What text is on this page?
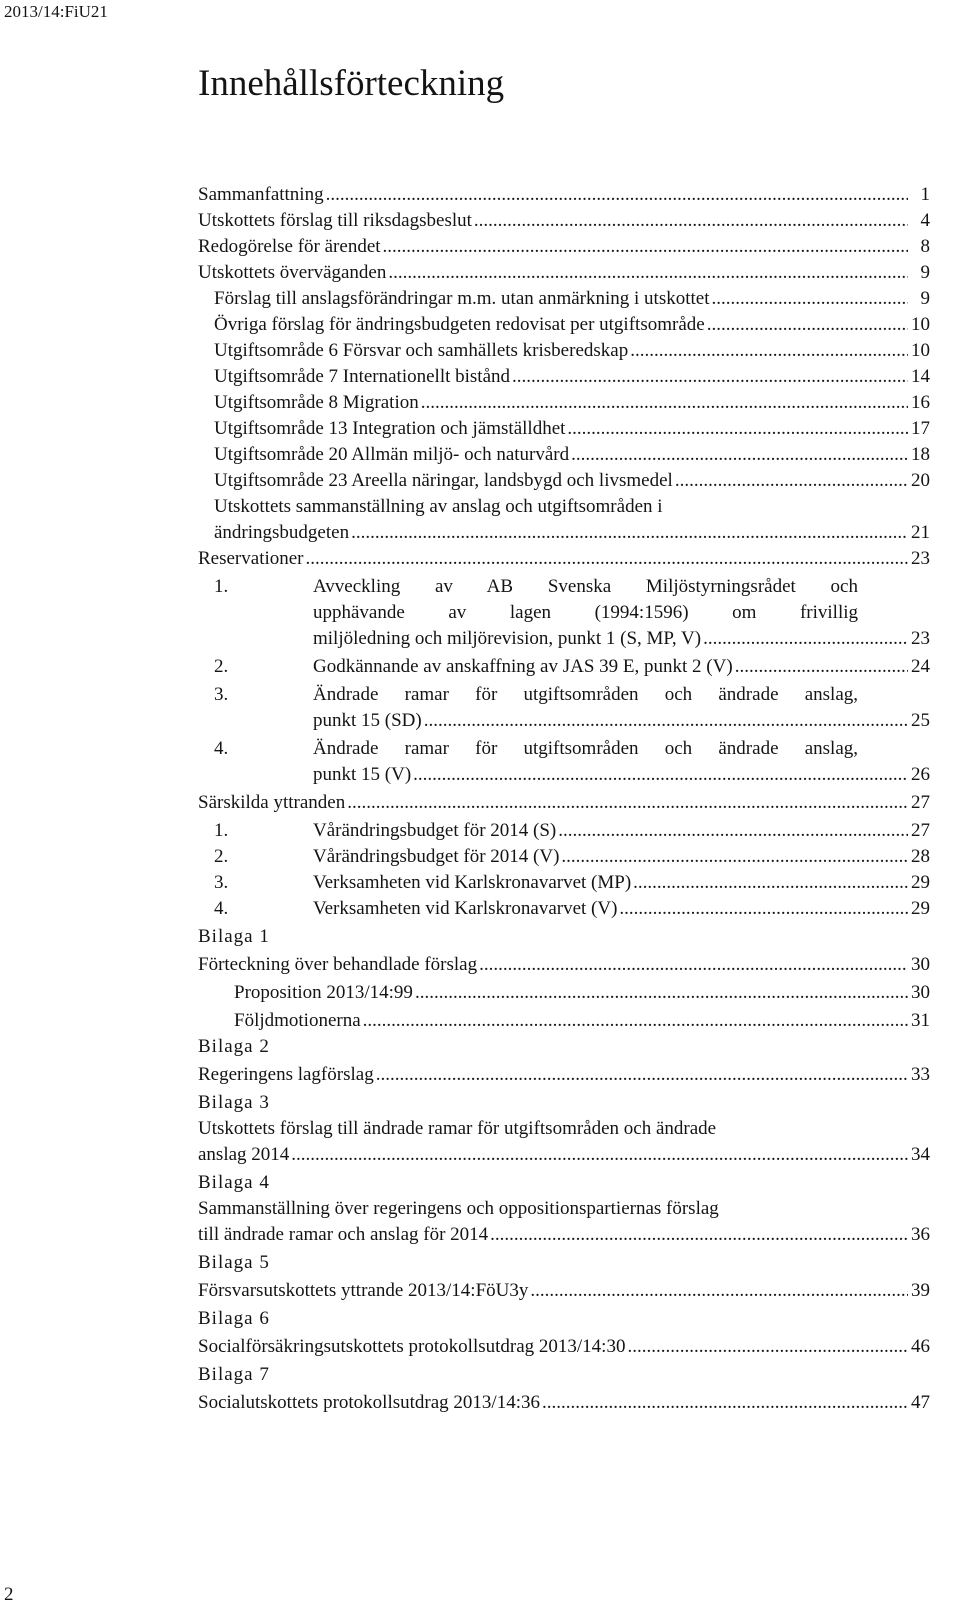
2013/14:FiU21
Innehållsförteckning
Sammanfattning .....	1
Utskottets förslag till riksdagsbeslut .....	4
Redogörelse för ärendet .....	8
Utskottets överväganden .....	9
Förslag till anslagsförändringar m.m. utan anmärkning i utskottet .....	9
Övriga förslag för ändringsbudgeten redovisat per utgiftsområde .....	10
Utgiftsområde 6 Försvar och samhällets krisberedskap .....	10
Utgiftsområde 7 Internationellt bistånd .....	14
Utgiftsområde 8 Migration .....	16
Utgiftsområde 13 Integration och jämställdhet .....	17
Utgiftsområde 20 Allmän miljö- och naturvård .....	18
Utgiftsområde 23 Areella näringar, landsbygd och livsmedel .....	20
Utskottets sammanställning av anslag och utgiftsområden i
ändringsbudgeten .....	21
Reservationer .....	23
1.	Avveckling av AB Svenska Miljöstyrningsrådet och
upphävande av lagen (1994:1596) om frivillig
miljöledning och miljörevision, punkt 1 (S, MP, V) .....	23
2.	Godkännande av anskaffning av JAS 39 E, punkt 2 (V) .....	24
3.	Ändrade ramar för utgiftsområden och ändrade anslag,
punkt 15 (SD) .....	25
4.	Ändrade ramar för utgiftsområden och ändrade anslag,
punkt 15 (V) .....	26
Särskilda yttranden .....	27
1.	Vårändringsbudget för 2014 (S) .....	27
2.	Vårändringsbudget för 2014 (V) .....	28
3.	Verksamheten vid Karlskronavarvet (MP) .....	29
4.	Verksamheten vid Karlskronavarvet (V) .....	29
Bilaga 1
Förteckning över behandlade förslag .....	30
Proposition 2013/14:99 .....	30
Följdmotionerna .....	31
Bilaga 2
Regeringens lagförslag .....	33
Bilaga 3
Utskottets förslag till ändrade ramar för utgiftsområden och ändrade
anslag 2014 .....	34
Bilaga 4
Sammanställning över regeringens och oppositionspartiernas förslag
till ändrade ramar och anslag för 2014 .....	36
Bilaga 5
Försvarsutskottets yttrande 2013/14:FöU3y .....	39
Bilaga 6
Socialförsäkringsutskottets protokollsutdrag 2013/14:30 .....	46
Bilaga 7
Socialutskottets protokollsutdrag 2013/14:36 .....	47
2
